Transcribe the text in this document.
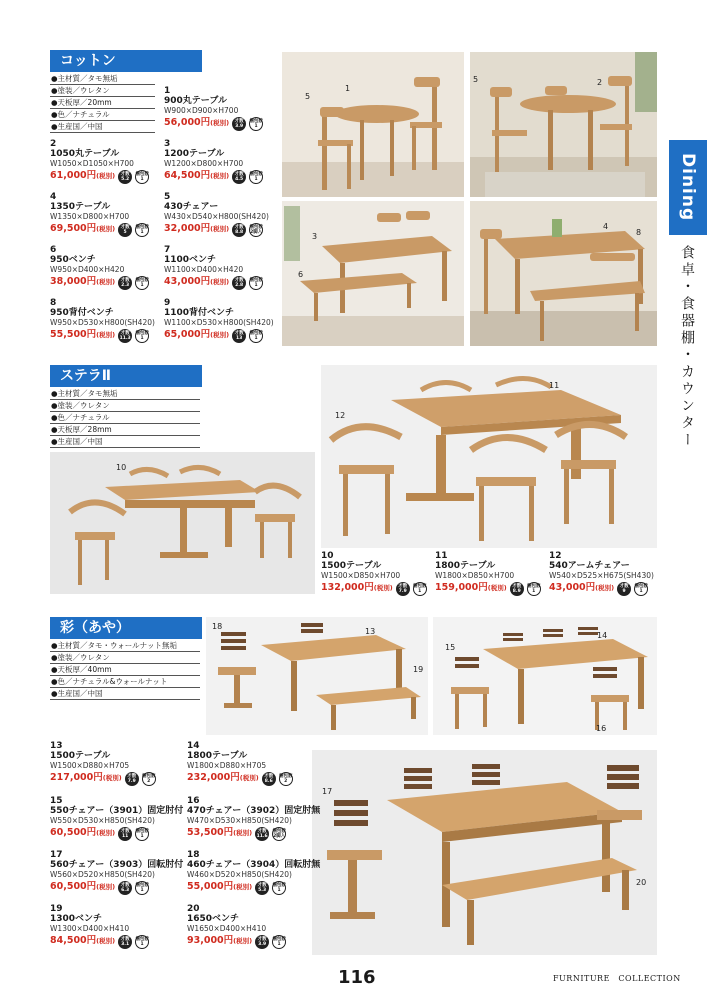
Dining
食卓・食器棚・カウンター
コットン
●主材質／タモ無垢
●塗装／ウレタン
●天板厚／20mm
●色／ナチュラル
●生産国／中国
1
900丸テーブル
W900×D900×H700
56,000円(税別) 才数
3.9
梱包数
1
2
1050丸テーブル
W1050×D1050×H700
61,000円(税別) 才数
5.2
梱包数
1
3
1200テーブル
W1200×D800×H700
64,500円(税別) 才数
4.5
梱包数
1
4
1350テーブル
W1350×D800×H700
69,500円(税別) 才数
5
梱包数
1
5
430チェアー
W430×D540×H800(SH420)
32,000円(税別) 才数
8.8
梱包数
2脚入
6
950ベンチ
W950×D400×H420
38,000円(税別) 才数
2.3
梱包数
1
7
1100ベンチ
W1100×D400×H420
43,000円(税別) 才数
2.8
梱包数
1
8
950背付ベンチ
W950×D530×H800(SH420)
55,500円(税別) 才数
11.3
梱包数
1
9
1100背付ベンチ
W1100×D530×H800(SH420)
65,000円(税別) 才数
13
梱包数
1
5
1
5	2
3
6
4
8
ステラⅡ
●主材質／タモ無垢
●塗装／ウレタン
●色／ナチュラル
●天板厚／28mm
●生産国／中国
10
11
12
10
1500テーブル
W1500×D850×H700
132,000円(税別) 才数
7.9
梱包数
1
11
1800テーブル
W1800×D850×H700
159,000円(税別) 才数
8.9
梱包数
1
12
540アームチェアー
W540×D525×H675(SH430)
43,000円(税別) 才数
9
梱包数
1
彩（あや）
●主材質／タモ・ウォールナット無垢
●塗装／ウレタン
●天板厚／40mm
●色／ナチュラル&ウォールナット
●生産国／中国
18
13
19
15
14
16
17
20
13
1500テーブル
W1500×D880×H705
217,000円(税別) 才数
7.9
梱包数
2
14
1800テーブル
W1800×D880×H705
232,000円(税別) 才数
8.6
梱包数
2
15
550チェアー（3901）固定肘付
W550×D530×H850(SH420)
60,500円(税別) 才数
11
梱包数
1
16
470チェアー（3902）固定肘無
W470×D530×H850(SH420)
53,500円(税別) 才数
11.6
梱包数
2脚入
17
560チェアー（3903）回転肘付
W560×D520×H850(SH420)
60,500円(税別) 才数
6.3
梱包数
1
18
460チェアー（3904）回転肘無
W460×D520×H850(SH420)
55,000円(税別) 才数
5.3
梱包数
1
19
1300ベンチ
W1300×D400×H410
84,500円(税別) 才数
3.1
梱包数
1
20
1650ベンチ
W1650×D400×H410
93,000円(税別) 才数
3.9
梱包数
1
116	FURNITURE　COLLECTION
